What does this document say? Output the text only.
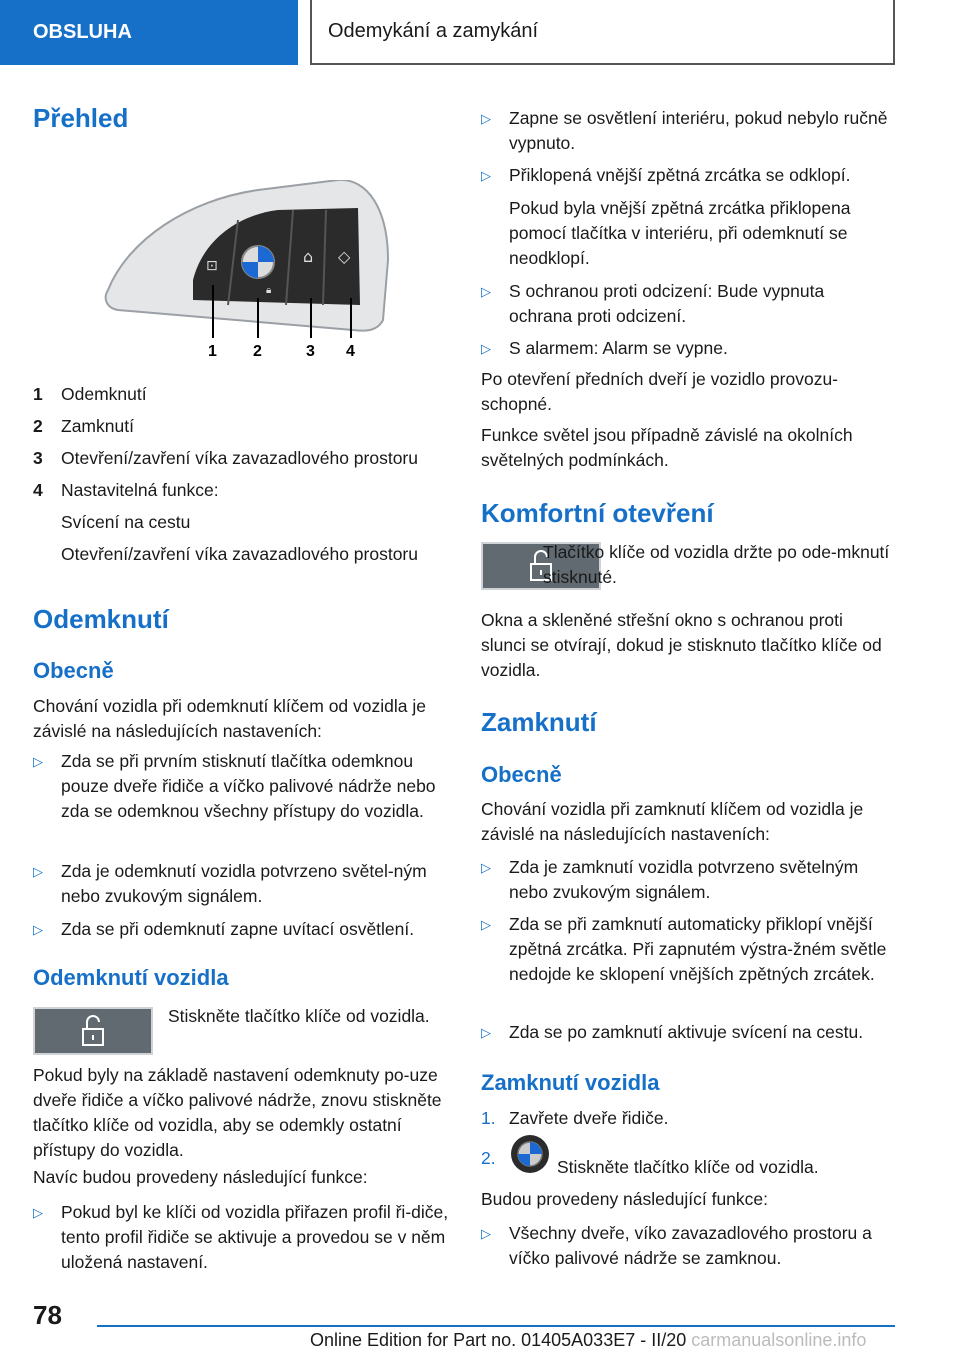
OBSLUHA	Odemykání a zamykání
Přehled
⊡
🔒︎
⌂ ◇
1 2	3 4
1 Odemknutí
2 Zamknutí
3 Otevření/zavření víka zavazadlového prostoru
4 Nastavitelná funkce:
Svícení na cestu
Otevření/zavření víka zavazadlového prostoru
Odemknutí
Obecně
Chování vozidla při odemknutí klíčem od vozidla je závislé na následujících nastaveních:
▷ Zda se při prvním stisknutí tlačítka odemknou pouze dveře řidiče a víčko palivové nádrže nebo zda se odemknou všechny přístupy do vozidla.
▷ Zda je odemknutí vozidla potvrzeno světel‐ným nebo zvukovým signálem.
▷ Zda se při odemknutí zapne uvítací osvětlení.
Odemknutí vozidla
Stiskněte tlačítko klíče od vozidla.
Pokud byly na základě nastavení odemknuty po‐uze dveře řidiče a víčko palivové nádrže, znovu stiskněte tlačítko klíče od vozidla, aby se odemkly ostatní přístupy do vozidla.
Navíc budou provedeny následující funkce:
▷ Pokud byl ke klíči od vozidla přiřazen profil ři‐diče, tento profil řidiče se aktivuje a provedou se v něm uložená nastavení.
▷ Zapne se osvětlení interiéru, pokud nebylo ručně vypnuto.
▷ Přiklopená vnější zpětná zrcátka se odklopí.
Pokud byla vnější zpětná zrcátka přiklopena pomocí tlačítka v interiéru, při odemknutí se neodklopí.
▷ S ochranou proti odcizení: Bude vypnuta ochrana proti odcizení.
▷ S alarmem: Alarm se vypne.
Po otevření předních dveří je vozidlo provozu‐schopné.
Funkce světel jsou případně závislé na okolních světelných podmínkách.
Komfortní otevření
Tlačítko klíče od vozidla držte po ode‐mknutí stisknuté.
Okna a skleněné střešní okno s ochranou proti slunci se otvírají, dokud je stisknuto tlačítko klíče od vozidla.
Zamknutí
Obecně
Chování vozidla při zamknutí klíčem od vozidla je závislé na následujících nastaveních:
▷ Zda je zamknutí vozidla potvrzeno světelným nebo zvukovým signálem.
▷ Zda se při zamknutí automaticky přiklopí vnější zpětná zrcátka. Při zapnutém výstra‐žném světle nedojde ke sklopení vnějších zpětných zrcátek.
▷ Zda se po zamknutí aktivuje svícení na cestu.
Zamknutí vozidla
1. Zavřete dveře řidiče.
2.	Stiskněte tlačítko klíče od vozidla.
Budou provedeny následující funkce:
▷ Všechny dveře, víko zavazadlového prostoru a víčko palivové nádrže se zamknou.
78
Online Edition for Part no. 01405A033E7 - II/20 carmanualsonline.info
